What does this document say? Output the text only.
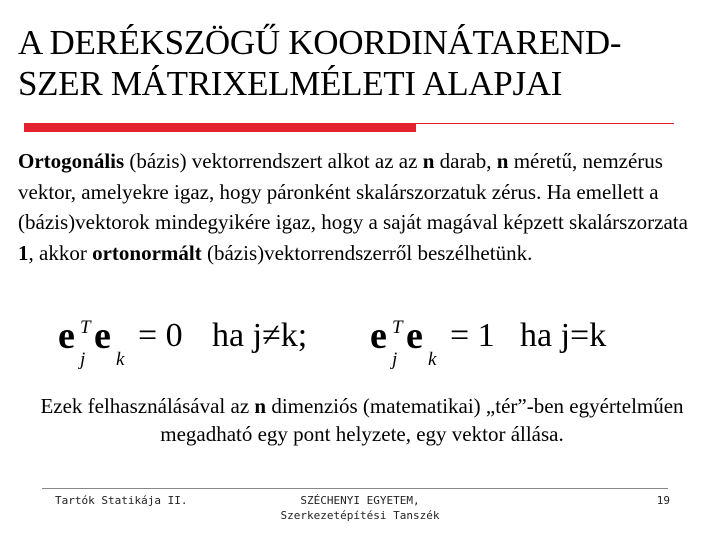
A DERÉKSZÖGŰ KOORDINÁTAREND-
SZER MÁTRIXELMÉLETI ALAPJAI

Ortogonális (bázis) vektorrendszert alkot az az n darab, n méretű, nemzérus vektor, amelyekre igaz, hogy páronként skalárszorzatuk zérus. Ha emellett a (bázis)vektorok mindegyikére igaz, hogy a saját magával képzett skalárszorzata 1, akkor ortonormált (bázis)vektorrendszerről beszélhetünk.

e T
j
e
k
= 0 ha j≠k; e T
j
e
k
= 1 ha j=k

Ezek felhasználásával az n dimenziós (matematikai) „tér”-ben egyértelműen megadható egy pont helyzete, egy vektor állása.

Tartók Statikája II.	SZÉCHENYI EGYETEM,
Szerkezetépítési Tanszék
19
